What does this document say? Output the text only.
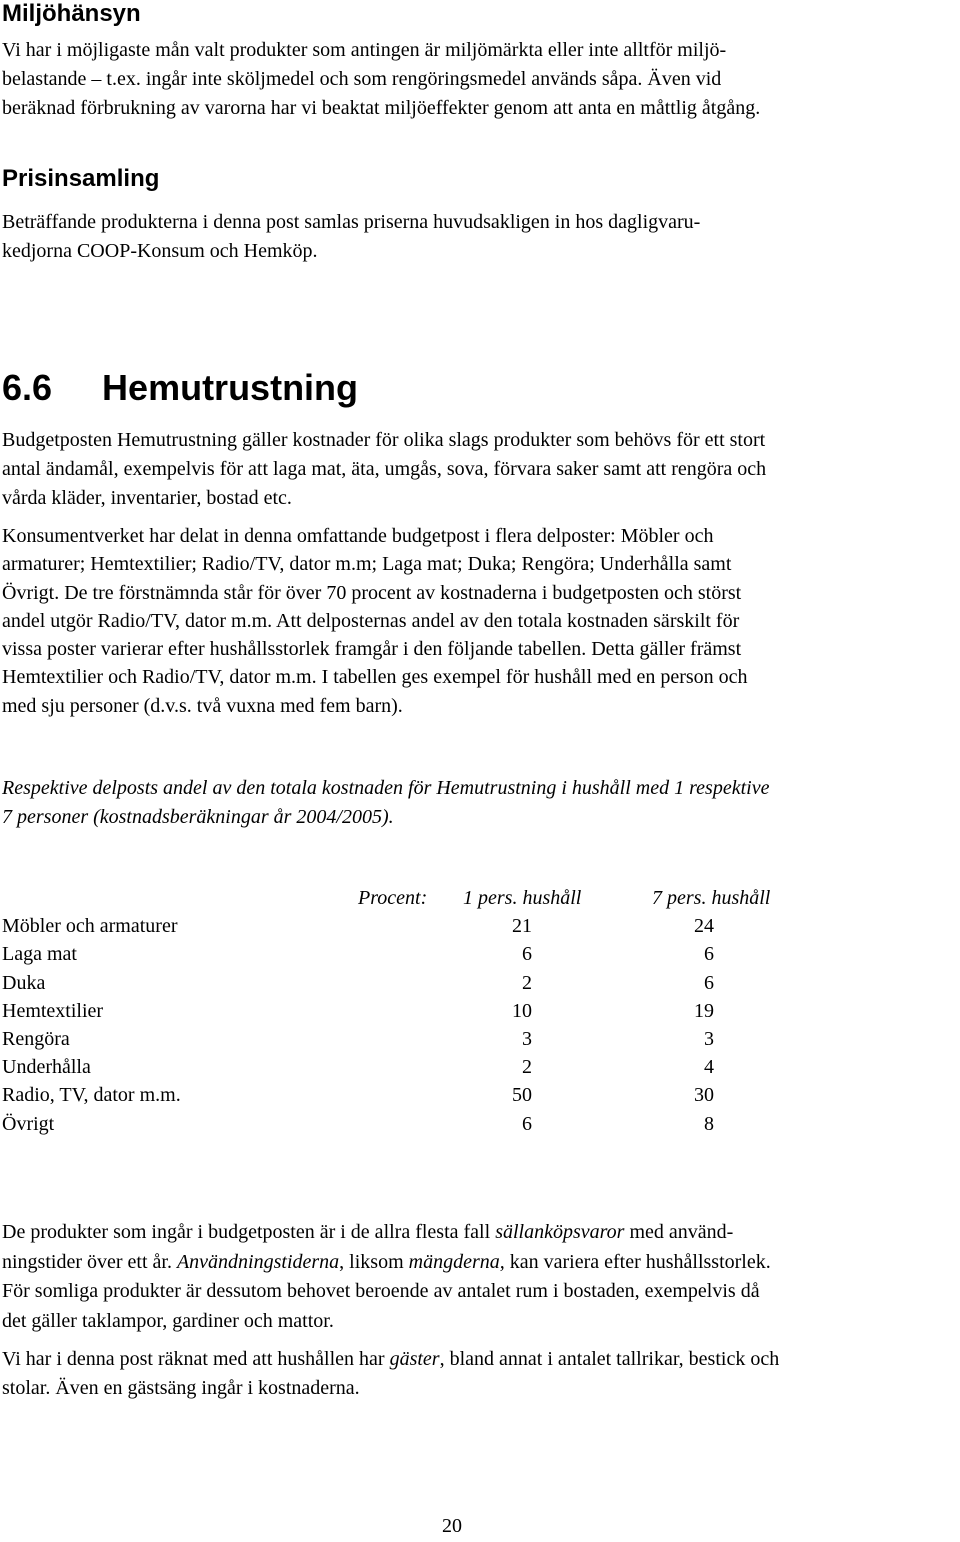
Miljöhänsyn

Vi har i möjligaste mån valt produkter som antingen är miljömärkta eller inte alltför miljö-
belastande – t.ex. ingår inte sköljmedel och som rengöringsmedel används såpa. Även vid
beräknad förbrukning av varorna har vi beaktat miljöeffekter genom att anta en måttlig åtgång.

Prisinsamling

Beträffande produkterna i denna post samlas priserna huvudsakligen in hos dagligvaru-
kedjorna COOP-Konsum och Hemköp.

6.6 Hemutrustning

Budgetposten Hemutrustning gäller kostnader för olika slags produkter som behövs för ett stort
antal ändamål, exempelvis för att laga mat, äta, umgås, sova, förvara saker samt att rengöra och
vårda kläder, inventarier, bostad etc.

Konsumentverket har delat in denna omfattande budgetpost i flera delposter: Möbler och
armaturer; Hemtextilier; Radio/TV, dator m.m; Laga mat; Duka; Rengöra; Underhålla samt
Övrigt. De tre förstnämnda står för över 70 procent av kostnaderna i budgetposten och störst
andel utgör Radio/TV, dator m.m. Att delposternas andel av den totala kostnaden särskilt för
vissa poster varierar efter hushållsstorlek framgår i den följande tabellen. Detta gäller främst
Hemtextilier och Radio/TV, dator m.m. I tabellen ges exempel för hushåll med en person och
med sju personer (d.v.s. två vuxna med fem barn).

Respektive delposts andel av den totala kostnaden för Hemutrustning i hushåll med 1 respektive
7 personer (kostnadsberäkningar år 2004/2005).

Procent: 1 pers. hushåll	7 pers. hushåll
Möbler och armaturer	21	24
Laga mat	6	6
Duka	2	6
Hemtextilier	10	19
Rengöra	3	3
Underhålla	2	4
Radio, TV, dator m.m.	50	30
Övrigt	6	8

De produkter som ingår i budgetposten är i de allra flesta fall sällanköpsvaror med använd-
ningstider över ett år. Användningstiderna, liksom mängderna, kan variera efter hushållsstorlek.
För somliga produkter är dessutom behovet beroende av antalet rum i bostaden, exempelvis då
det gäller taklampor, gardiner och mattor.

Vi har i denna post räknat med att hushållen har gäster, bland annat i antalet tallrikar, bestick och
stolar. Även en gästsäng ingår i kostnaderna.

20
